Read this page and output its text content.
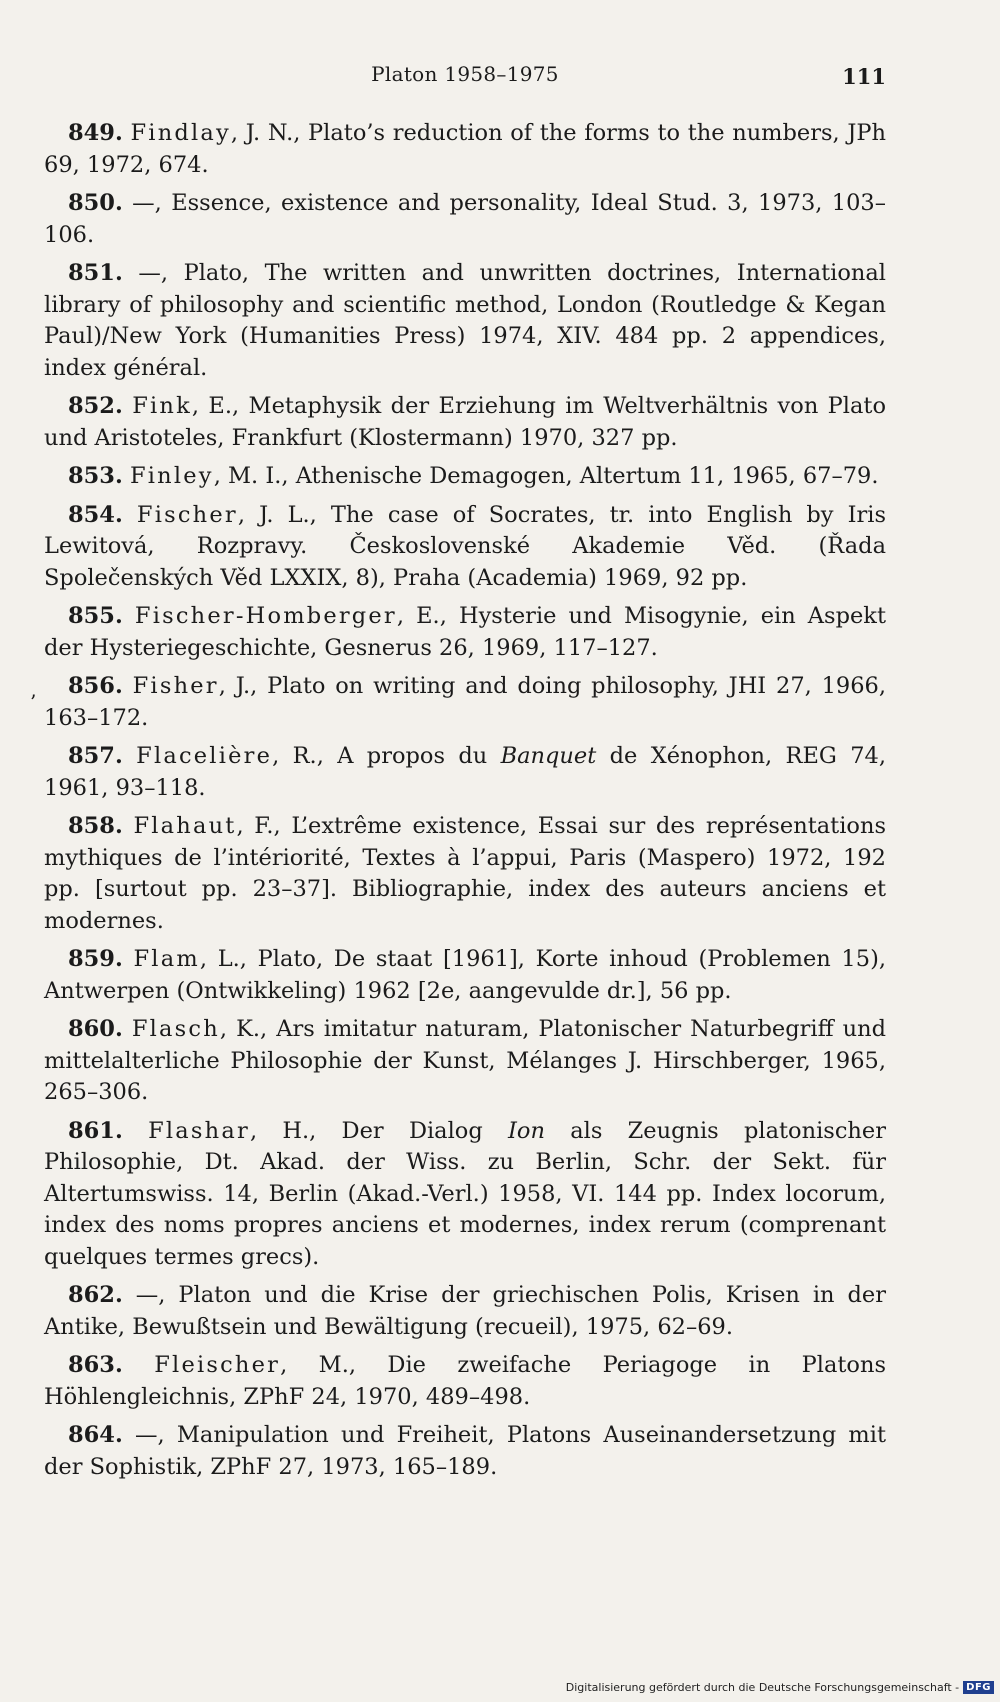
Platon 1958–1975	111
’

849. Findlay, J. N., Plato’s reduction of the forms to the numbers, JPh 69, 1972, 674.

850. —, Essence, existence and personality, Ideal Stud. 3, 1973, 103–106.

851. —, Plato, The written and unwritten doctrines, International library of philosophy and scientific method, London (Routledge & Kegan Paul)/New York (Humanities Press) 1974, XIV. 484 pp. 2 appendices, index général.

852. Fink, E., Metaphysik der Erziehung im Weltverhältnis von Plato und Aristoteles, Frankfurt (Klostermann) 1970, 327 pp.

853. Finley, M. I., Athenische Demagogen, Altertum 11, 1965, 67–79.

854. Fischer, J. L., The case of Socrates, tr. into English by Iris Lewitová, Rozpravy. Československé Akademie Věd. (Řada Společenských Věd LXXIX, 8), Praha (Academia) 1969, 92 pp.

855. Fischer-Homberger, E., Hysterie und Misogynie, ein Aspekt der Hysteriegeschichte, Gesnerus 26, 1969, 117–127.

856. Fisher, J., Plato on writing and doing philosophy, JHI 27, 1966, 163–172.

857. Flacelière, R., A propos du Banquet de Xénophon, REG 74, 1961, 93–118.

858. Flahaut, F., L’extrême existence, Essai sur des représentations mythiques de l’intériorité, Textes à l’appui, Paris (Maspero) 1972, 192 pp. [surtout pp. 23–37]. Bibliographie, index des auteurs anciens et modernes.

859. Flam, L., Plato, De staat [1961], Korte inhoud (Problemen 15), Antwerpen (Ontwikkeling) 1962 [2e, aangevulde dr.], 56 pp.

860. Flasch, K., Ars imitatur naturam, Platonischer Naturbegriff und mittelalterliche Philosophie der Kunst, Mélanges J. Hirschberger, 1965, 265–306.

861. Flashar, H., Der Dialog Ion als Zeugnis platonischer Philosophie, Dt. Akad. der Wiss. zu Berlin, Schr. der Sekt. für Altertumswiss. 14, Berlin (Akad.-Verl.) 1958, VI. 144 pp. Index locorum, index des noms propres anciens et modernes, index rerum (comprenant quelques termes grecs).

862. —, Platon und die Krise der griechischen Polis, Krisen in der Antike, Bewußtsein und Bewältigung (recueil), 1975, 62–69.

863. Fleischer, M., Die zweifache Periagoge in Platons Höhlengleichnis, ZPhF 24, 1970, 489–498.

864. —, Manipulation und Freiheit, Platons Auseinandersetzung mit der Sophistik, ZPhF 27, 1973, 165–189.

Digitalisierung gefördert durch die Deutsche Forschungsgemeinschaft - DFG
